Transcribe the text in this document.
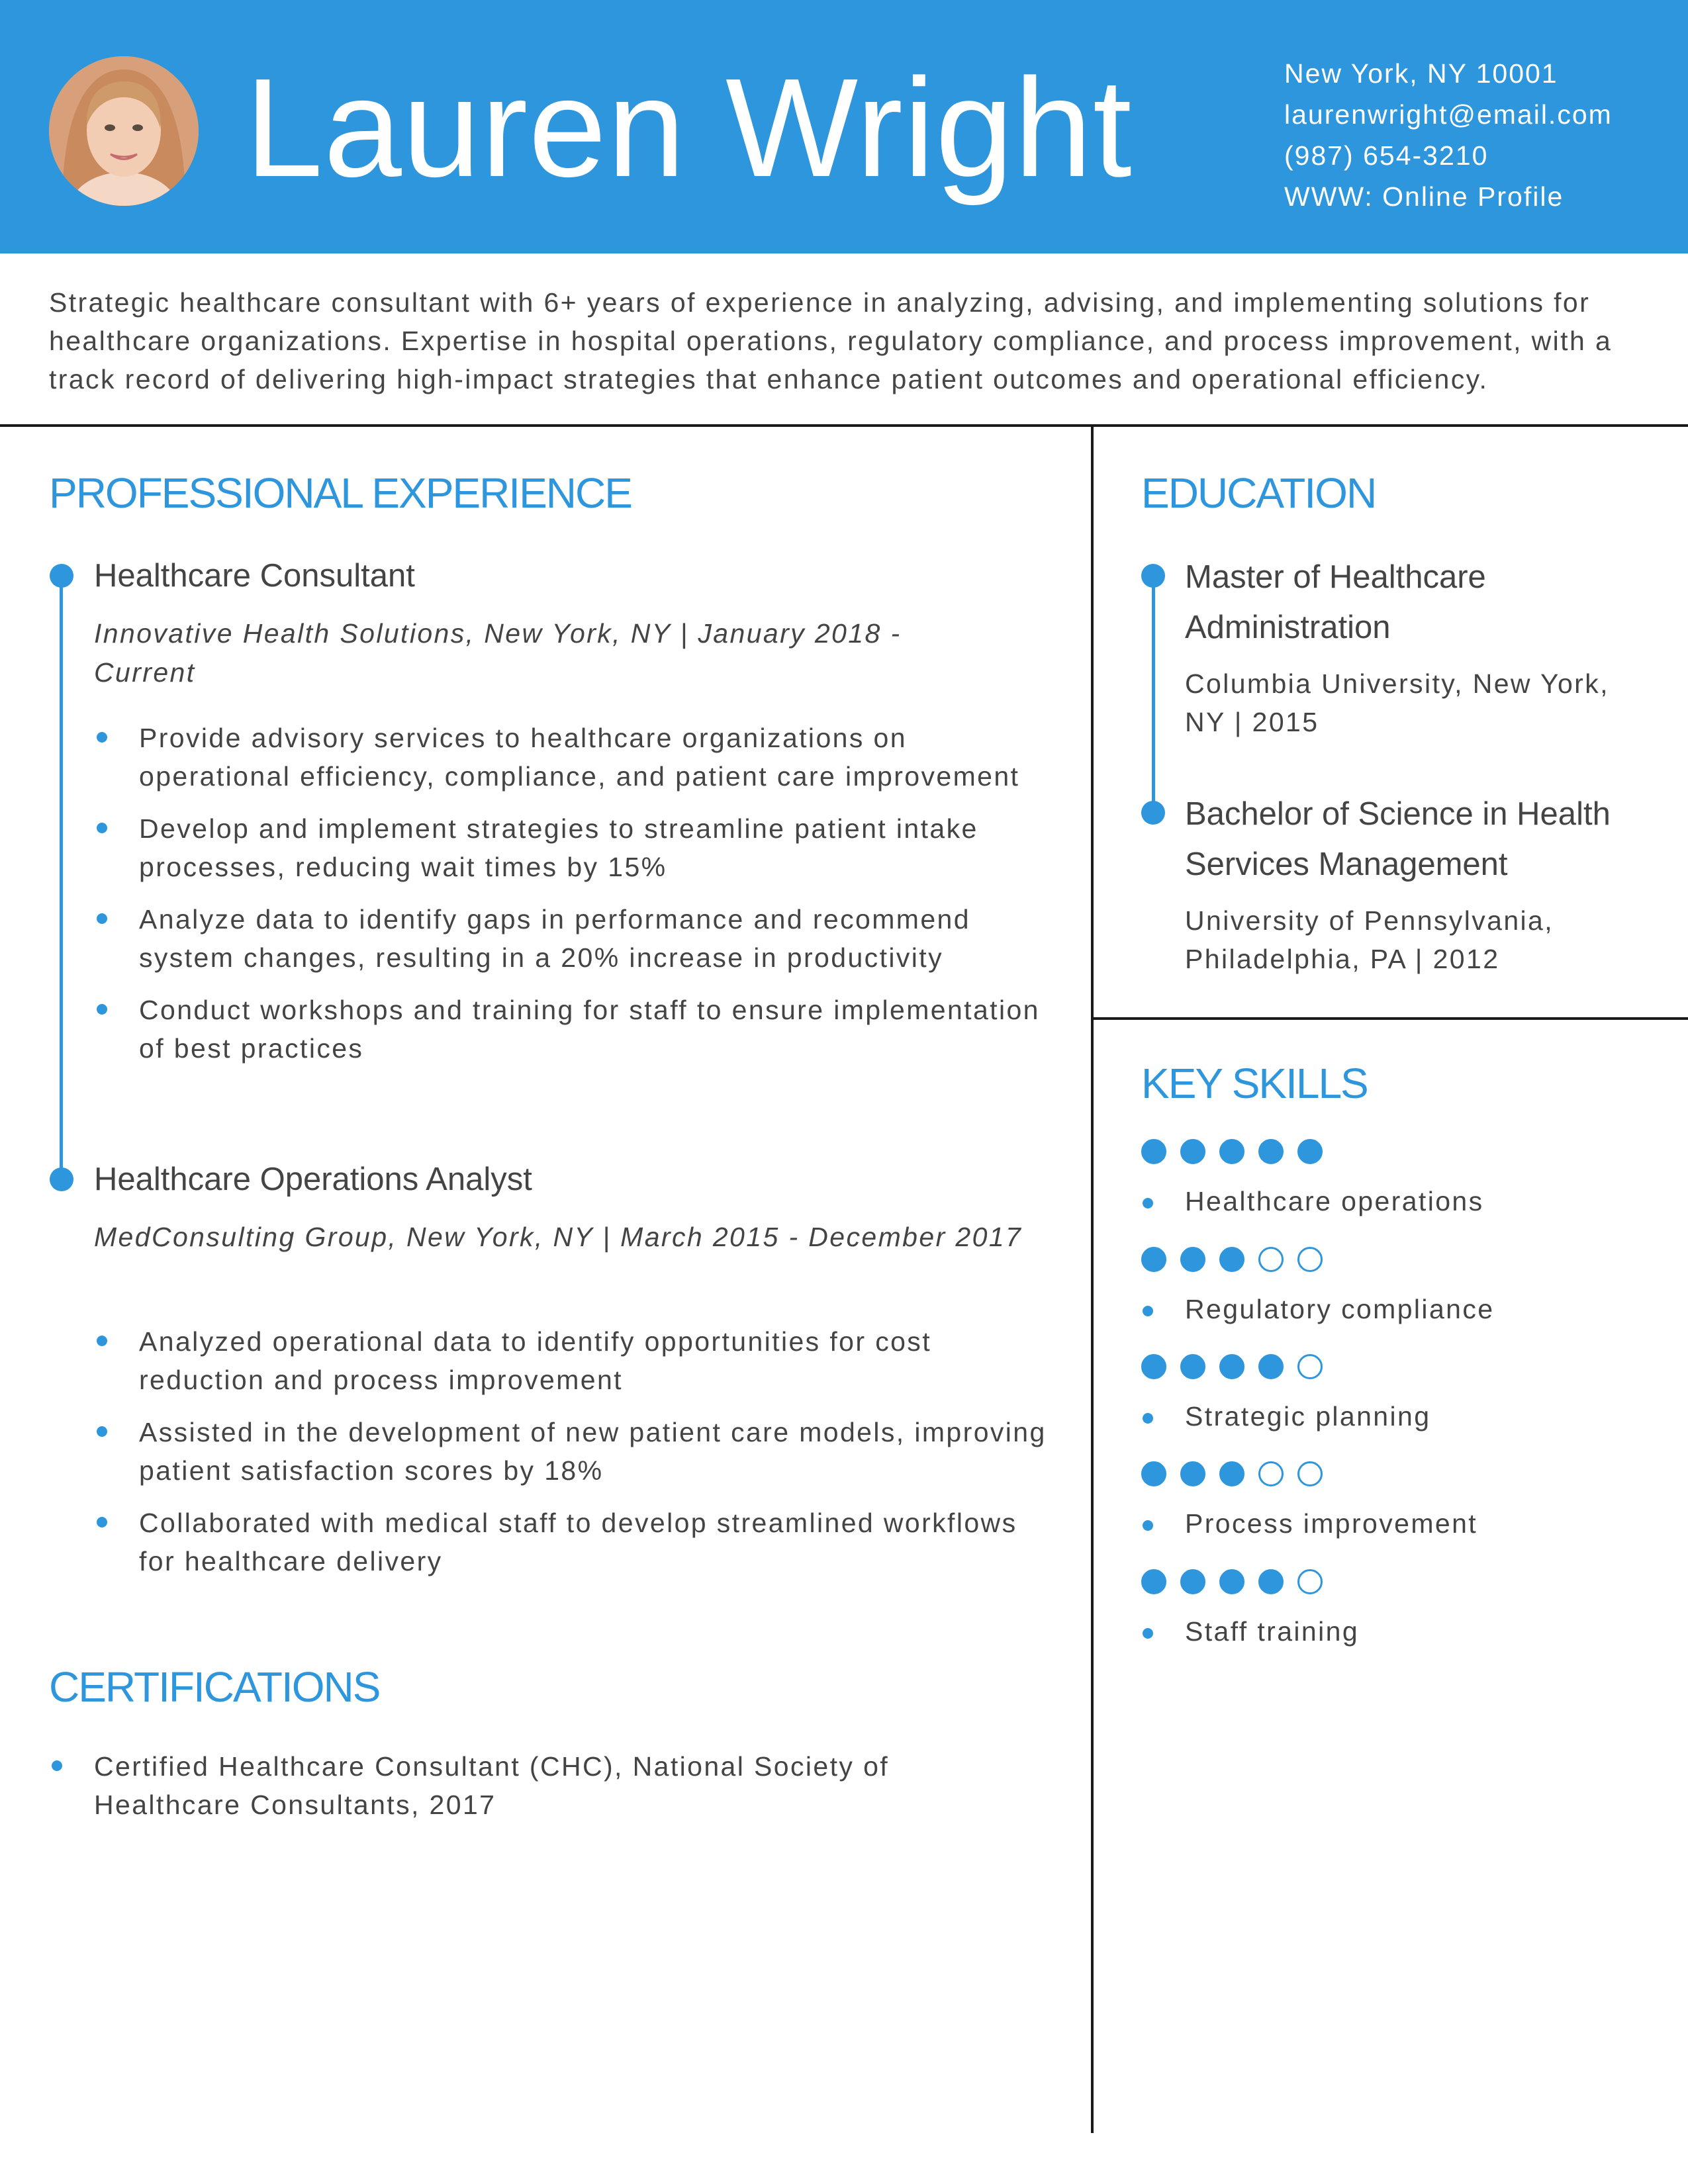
Lauren Wright	New York, NY 10001
laurenwright@email.com
(987) 654-3210
WWW: Online Profile
Strategic healthcare consultant with 6+ years of experience in analyzing, advising, and implementing solutions for healthcare organizations. Expertise in hospital operations, regulatory compliance, and process improvement, with a track record of delivering high-impact strategies that enhance patient outcomes and operational efficiency.
PROFESSIONAL EXPERIENCE
Healthcare Consultant
Innovative Health Solutions, New York, NY | January 2018 - Current
Provide advisory services to healthcare organizations on operational efficiency, compliance, and patient care improvement
Develop and implement strategies to streamline patient intake processes, reducing wait times by 15%
Analyze data to identify gaps in performance and recommend system changes, resulting in a 20% increase in productivity
Conduct workshops and training for staff to ensure implementation of best practices
Healthcare Operations Analyst
MedConsulting Group, New York, NY | March 2015 - December 2017
Analyzed operational data to identify opportunities for cost reduction and process improvement
Assisted in the development of new patient care models, improving patient satisfaction scores by 18%
Collaborated with medical staff to develop streamlined workflows for healthcare delivery
CERTIFICATIONS
Certified Healthcare Consultant (CHC), National Society of Healthcare Consultants, 2017
EDUCATION
Master of Healthcare Administration
Columbia University, New York, NY | 2015
Bachelor of Science in Health Services Management
University of Pennsylvania, Philadelphia, PA | 2012
KEY SKILLS
Healthcare operations
Regulatory compliance
Strategic planning
Process improvement
Staff training
